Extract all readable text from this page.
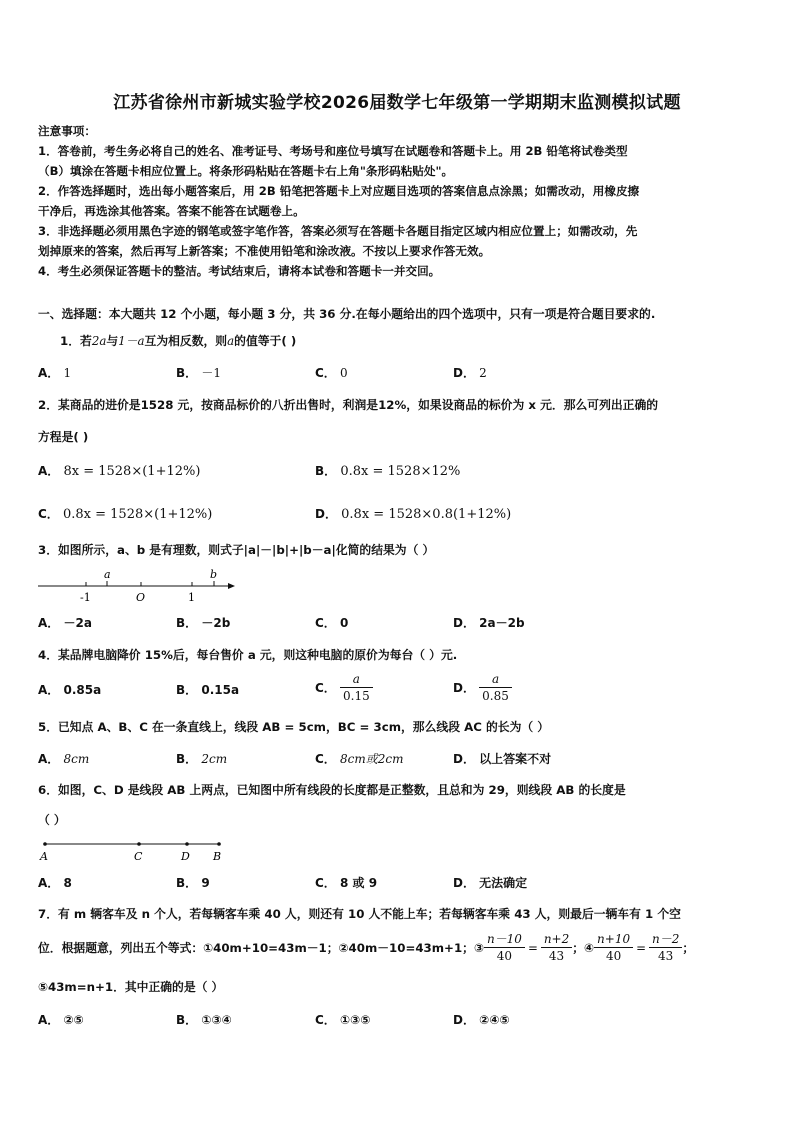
江苏省徐州市新城实验学校2026届数学七年级第一学期期末监测模拟试题
注意事项：
1．答卷前，考生务必将自己的姓名、准考证号、考场号和座位号填写在试题卷和答题卡上。用 2B 铅笔将试卷类型
（B）填涂在答题卡相应位置上。将条形码粘贴在答题卡右上角"条形码粘贴处"。
2．作答选择题时，选出每小题答案后，用 2B 铅笔把答题卡上对应题目选项的答案信息点涂黑；如需改动，用橡皮擦
干净后，再选涂其他答案。答案不能答在试题卷上。
3．非选择题必须用黑色字迹的钢笔或签字笔作答，答案必须写在答题卡各题目指定区域内相应位置上；如需改动，先
划掉原来的答案，然后再写上新答案；不准使用铅笔和涂改液。不按以上要求作答无效。
4．考生必须保证答题卡的整洁。考试结束后，请将本试卷和答题卡一并交回。
一、选择题：本大题共 12 个小题，每小题 3 分，共 36 分.在每小题给出的四个选项中，只有一项是符合题目要求的.
1．若2a与1－a互为相反数，则a的值等于( )
A． 1	B． －1	C． 0	D． 2
2．某商品的进价是1528 元，按商品标价的八折出售时，利润是12%，如果设商品的标价为 x 元．那么可列出正确的
方程是( )
A． 8x = 1528×(1+12%)	B． 0.8x = 1528×12%
C． 0.8x = 1528×(1+12%)	D． 0.8x = 1528×0.8(1+12%)
3．如图所示，a、b 是有理数，则式子|a|－|b|+|b－a|化简的结果为（ ）
a	b
-1	O	1
A． －2a	B． －2b	C． 0	D． 2a－2b
4．某品牌电脑降价 15%后，每台售价 a 元，则这种电脑的原价为每台（ ）元.
A． 0.85a	B． 0.15a	C． $\frac{a}{0.15}$	D． $\frac{a}{0.85}$
5．已知点 A、B、C 在一条直线上，线段 AB = 5cm，BC = 3cm，那么线段 AC 的长为（ ）
A． 8cm	B． 2cm	C． 8cm或2cm	D． 以上答案不对
6．如图，C、D 是线段 AB 上两点，已知图中所有线段的长度都是正整数，且总和为 29，则线段 AB 的长度是
（ ）
A	C	D B
A． 8	B． 9	C． 8 或 9	D． 无法确定
7．有 m 辆客车及 n 个人，若每辆客车乘 40 人，则还有 10 人不能上车；若每辆客车乘 43 人，则最后一辆车有 1 个空
位．根据题意，列出五个等式：①40m+10=43m－1；②40m－10=43m+1；③ $\frac{n-10}{40} = \frac{n+2}{43}$ ；④ $\frac{n+10}{40} = \frac{n-2}{43}$ ；
⑤43m=n+1．其中正确的是（ ）
A． ②⑤	B． ①③④	C． ①③⑤	D． ②④⑤
